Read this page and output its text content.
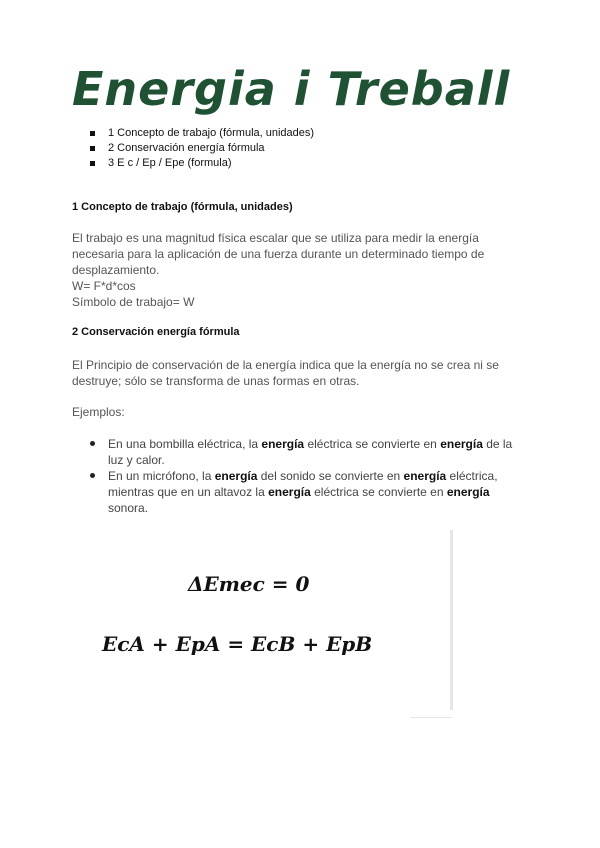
Energia i Treball
1 Concepto de trabajo (fórmula, unidades)
2 Conservación energía fórmula
3 E c / Ep / Epe (formula)
1 Concepto de trabajo (fórmula, unidades)

El trabajo es una magnitud física escalar que se utiliza para medir la energía

necesaria para la aplicación de una fuerza durante un determinado tiempo de

desplazamiento.

W= F*d*cos

Símbolo de trabajo= W

2 Conservación energía fórmula

El Principio de conservación de la energía indica que la energía no se crea ni se

destruye; sólo se transforma de unas formas en otras.

Ejemplos:

En una bombilla eléctrica, la energía eléctrica se convierte en energía de la luz y calor.
En un micrófono, la energía del sonido se convierte en energía eléctrica, mientras que en un altavoz la energía eléctrica se convierte en energía sonora.

ΔEmec = 0

EcA + EpA = EcB + EpB
